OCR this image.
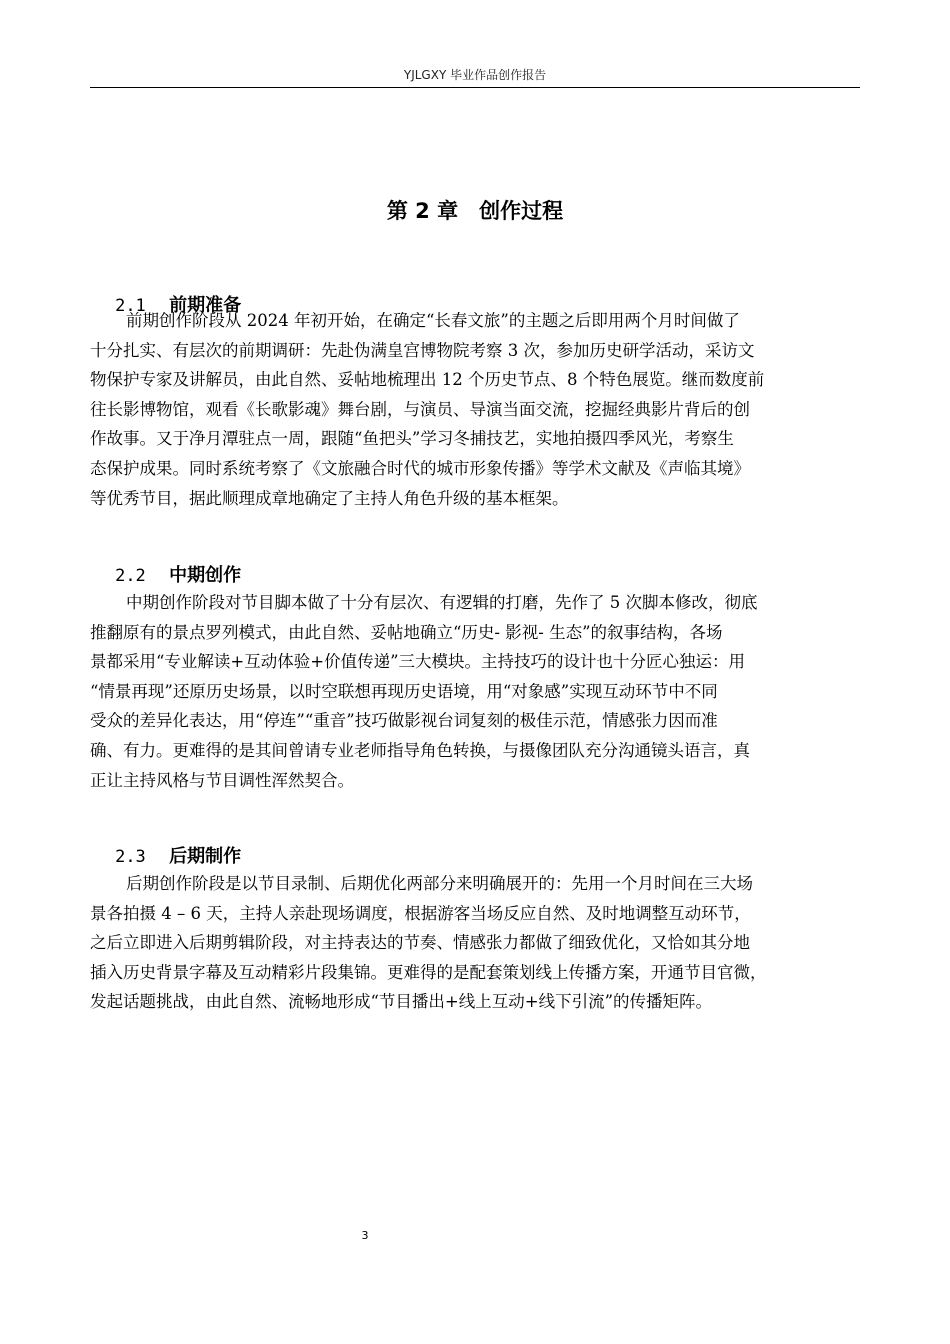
YJLGXY 毕业作品创作报告
第 2 章　创作过程

2.1 前期准备

前期创作阶段从 2024 年初开始，在确定“长春文旅”的主题之后即用两个月时间做了
十分扎实、有层次的前期调研：先赴伪满皇宫博物院考察 3 次，参加历史研学活动，采访文
物保护专家及讲解员，由此自然、妥帖地梳理出 12 个历史节点、8 个特色展览。继而数度前
往长影博物馆，观看《长歌影魂》舞台剧，与演员、导演当面交流，挖掘经典影片背后的创
作故事。又于净月潭驻点一周，跟随“鱼把头”学习冬捕技艺，实地拍摄四季风光，考察生
态保护成果。同时系统考察了《文旅融合时代的城市形象传播》等学术文献及《声临其境》
等优秀节目，据此顺理成章地确定了主持人角色升级的基本框架。

2.2 中期创作

中期创作阶段对节目脚本做了十分有层次、有逻辑的打磨，先作了 5 次脚本修改，彻底
推翻原有的景点罗列模式，由此自然、妥帖地确立“历史- 影视- 生态”的叙事结构，各场
景都采用“专业解读+互动体验+价值传递”三大模块。主持技巧的设计也十分匠心独运：用
“情景再现”还原历史场景，以时空联想再现历史语境，用“对象感”实现互动环节中不同
受众的差异化表达，用“停连”“重音”技巧做影视台词复刻的极佳示范，情感张力因而准
确、有力。更难得的是其间曾请专业老师指导角色转换，与摄像团队充分沟通镜头语言，真
正让主持风格与节目调性浑然契合。

2.3 后期制作

后期创作阶段是以节目录制、后期优化两部分来明确展开的：先用一个月时间在三大场
景各拍摄 4 – 6 天，主持人亲赴现场调度，根据游客当场反应自然、及时地调整互动环节，
之后立即进入后期剪辑阶段，对主持表达的节奏、情感张力都做了细致优化，又恰如其分地
插入历史背景字幕及互动精彩片段集锦。更难得的是配套策划线上传播方案，开通节目官微，
发起话题挑战，由此自然、流畅地形成“节目播出+线上互动+线下引流”的传播矩阵。
3
